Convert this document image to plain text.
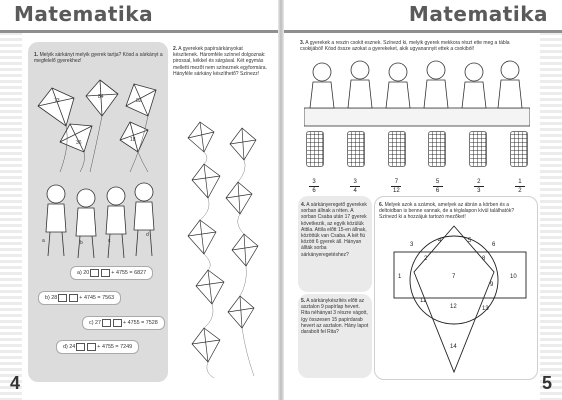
Matematika	Matematika
1. Melyik sárkányt melyik gyerek tartja? Kösd a sárkányt a megfelelő gyerekhez!
73
84
82
36	18
a	b	c
d
a) 20	+ 4755 = 6827
b) 28	+ 4745 = 7563
c) 27	+ 4755 = 7528
d) 24	+ 4755 = 7249
2. A gyerekek papírsárkányokat készítenek. Háromféle színnel dolgoznak: pirossal, kékkel és sárgával. Két egymás melletti mezőt nem színeznek egyformára. Hányféle sárkány készíthető? Színezz!
4
3. A gyerekek a reszin csokit esznek. Színezd ki, melyik gyerek mekkora részt ette meg a tábla csokijából! Kösd össze azokat a gyerekeket, akik ugyanannyit ettek a csokiból!
3
6
3
4
7
12
5
6
2
3
1
2
4. A sárkányeregető gyerekek sorban állnak a réten. A sorban Csaba után 17 gyerek következik, az egyik közülük Attila. Attila előtt 15-en állnak, közöttük van Csaba. A két fiú között 6 gyerek áll. Hányan állták sorba sárkányeregetéshez?
5. A sárkánykészítés előtt az asztalon 9 papírlap hevert. Rita néhányat 3 részre vágott, így összesen 15 papírdarab hevert az asztalon. Hány lapot darabolt fel Rita?
6. Melyek azok a számok, amelyek az ábrán a körben és a deltoidban is benne vannak, de a téglalapon kívül találhatók? Színezd ki a hozzájuk tartozó mezőket!
1
2
3
4	5
6
7
8
9
10
11
12	13
14
5
